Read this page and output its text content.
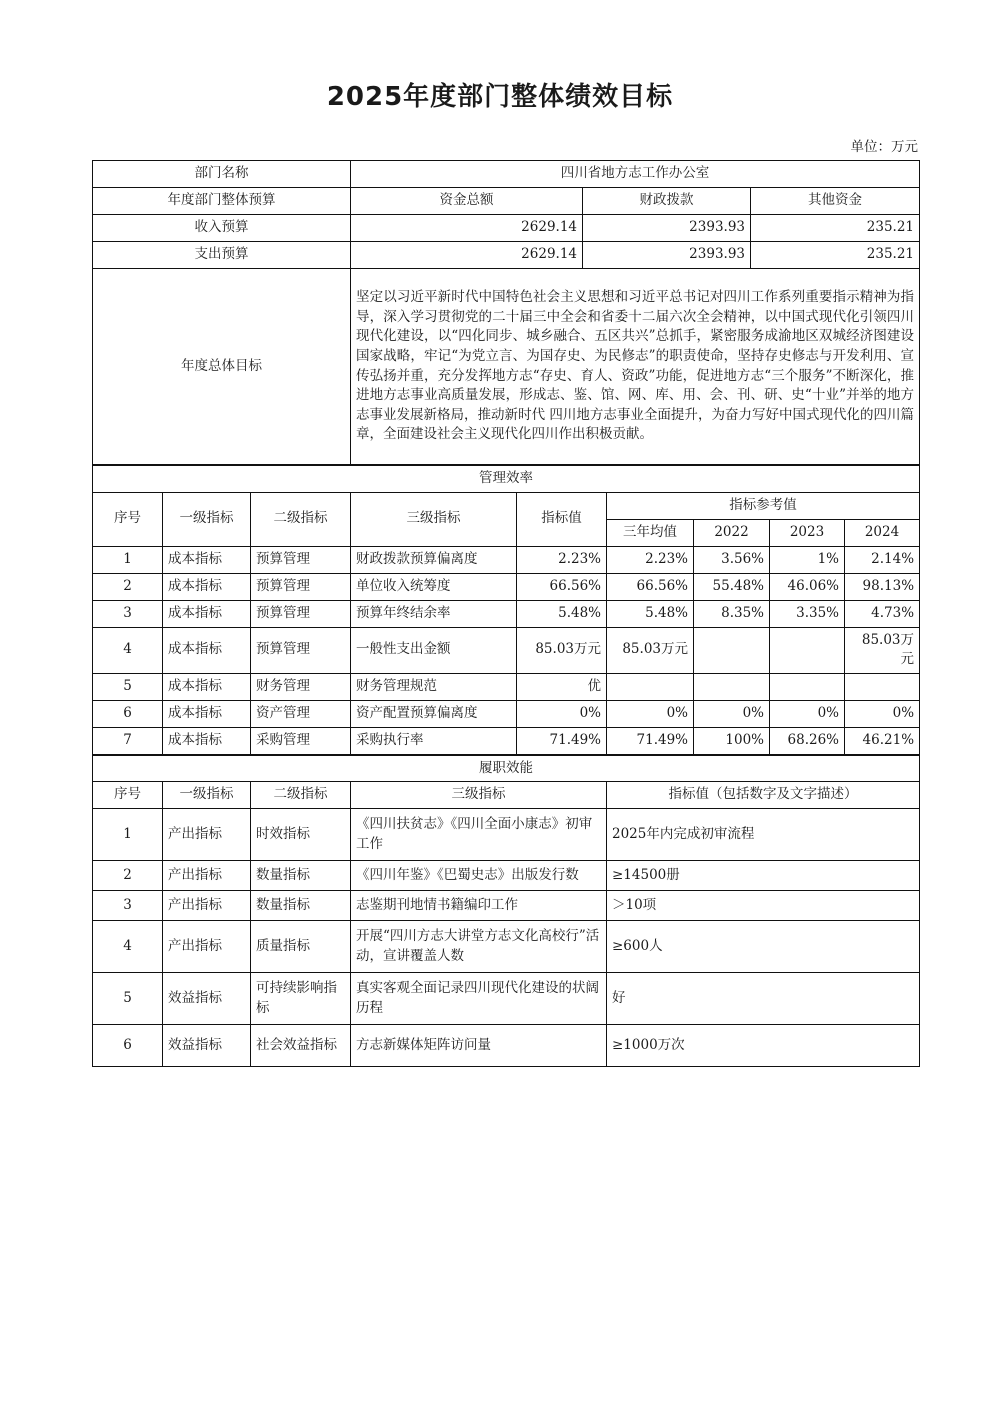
2025年度部门整体绩效目标
单位：万元
部门名称	四川省地方志工作办公室		
年度部门整体预算	资金总额	财政拨款	其他资金
收入预算	2629.14	2393.93	235.21
支出预算	2629.14	2393.93	235.21
年度总体目标	坚定以习近平新时代中国特色社会主义思想和习近平总书记对四川工作系列重要指示精神为指导，深入学习贯彻党的二十届三中全会和省委十二届六次全会精神，以中国式现代化引领四川现代化建设，以“四化同步、城乡融合、五区共兴”总抓手，紧密服务成渝地区双城经济图建设国家战略，牢记“为党立言、为国存史、为民修志”的职责使命，坚持存史修志与开发利用、宣传弘扬并重，充分发挥地方志“存史、育人、资政”功能，促进地方志“三个服务”不断深化，推进地方志事业高质量发展，形成志、鉴、馆、网、库、用、会、刊、研、史“十业”并举的地方志事业发展新格局，推动新时代 四川地方志事业全面提升，为奋力写好中国式现代化的四川篇章，全面建设社会主义现代化四川作出积极贡献。		
管理效率								
序号	一级指标	二级指标	三级指标	指标值	指标参考值			
					三年均值	2022	2023	2024
1	成本指标	预算管理	财政拨款预算偏离度	2.23%	2.23%	3.56%	1%	2.14%
2	成本指标	预算管理	单位收入统筹度	66.56%	66.56%	55.48%	46.06%	98.13%
3	成本指标	预算管理	预算年终结余率	5.48%	5.48%	8.35%	3.35%	4.73%
4	成本指标	预算管理	一般性支出金额	85.03万元	85.03万元			85.03万元
5	成本指标	财务管理	财务管理规范	优				
6	成本指标	资产管理	资产配置预算偏离度	0%	0%	0%	0%	0%
7	成本指标	采购管理	采购执行率	71.49%	71.49%	100%	68.26%	46.21%
履职效能				
序号	一级指标	二级指标	三级指标	指标值（包括数字及文字描述）
1	产出指标	时效指标	《四川扶贫志》《四川全面小康志》初审工作	2025年内完成初审流程
2	产出指标	数量指标	《四川年鉴》《巴蜀史志》出版发行数	≥14500册
3	产出指标	数量指标	志鉴期刊地情书籍编印工作	＞10项
4	产出指标	质量指标	开展“四川方志大讲堂方志文化高校行”活动，宣讲覆盖人数	≥600人
5	效益指标	可持续影响指标	真实客观全面记录四川现代化建设的状阔历程	好
6	效益指标	社会效益指标	方志新媒体矩阵访问量	≥1000万次
